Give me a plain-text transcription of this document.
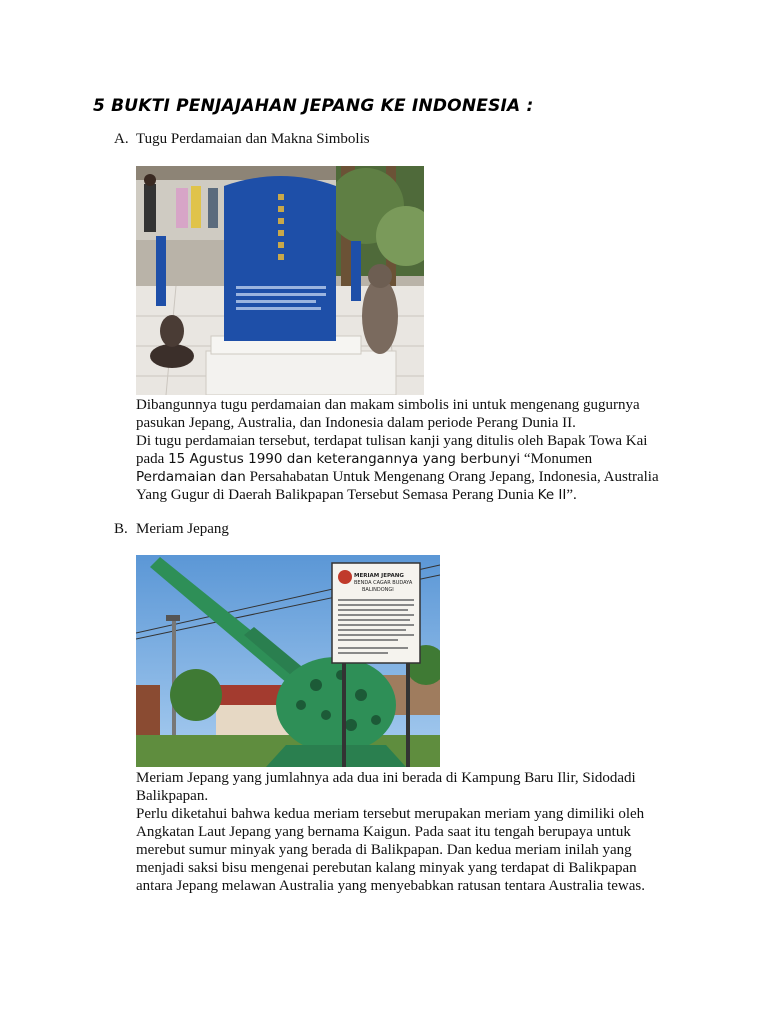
5 BUKTI PENJAJAHAN JEPANG KE INDONESIA :
A. Tugu Perdamaian dan Makna Simbolis

Dibangunnya tugu perdamaian dan makam simbolis ini untuk mengenang gugurnya pasukan Jepang, Australia, dan Indonesia dalam periode Perang Dunia II.

Di tugu perdamaian tersebut, terdapat tulisan kanji yang ditulis oleh Bapak Towa Kai pada 15 Agustus 1990 dan keterangannya yang berbunyi “Monumen Perdamaian dan Persahabatan Untuk Mengenang Orang Jepang, Indonesia, Australia Yang Gugur di Daerah Balikpapan Tersebut Semasa Perang Dunia Ke II”.

B. Meriam Jepang
MERIAM JEPANG
BENDA CAGAR BUDAYA
BALINDONGI

Meriam Jepang yang jumlahnya ada dua ini berada di Kampung Baru Ilir, Sidodadi Balikpapan.

Perlu diketahui bahwa kedua meriam tersebut merupakan meriam yang dimiliki oleh Angkatan Laut Jepang yang bernama Kaigun. Pada saat itu tengah berupaya untuk merebut sumur minyak yang berada di Balikpapan. Dan kedua meriam inilah yang menjadi saksi bisu mengenai perebutan kalang minyak yang terdapat di Balikpapan antara Jepang melawan Australia yang menyebabkan ratusan tentara Australia tewas.
